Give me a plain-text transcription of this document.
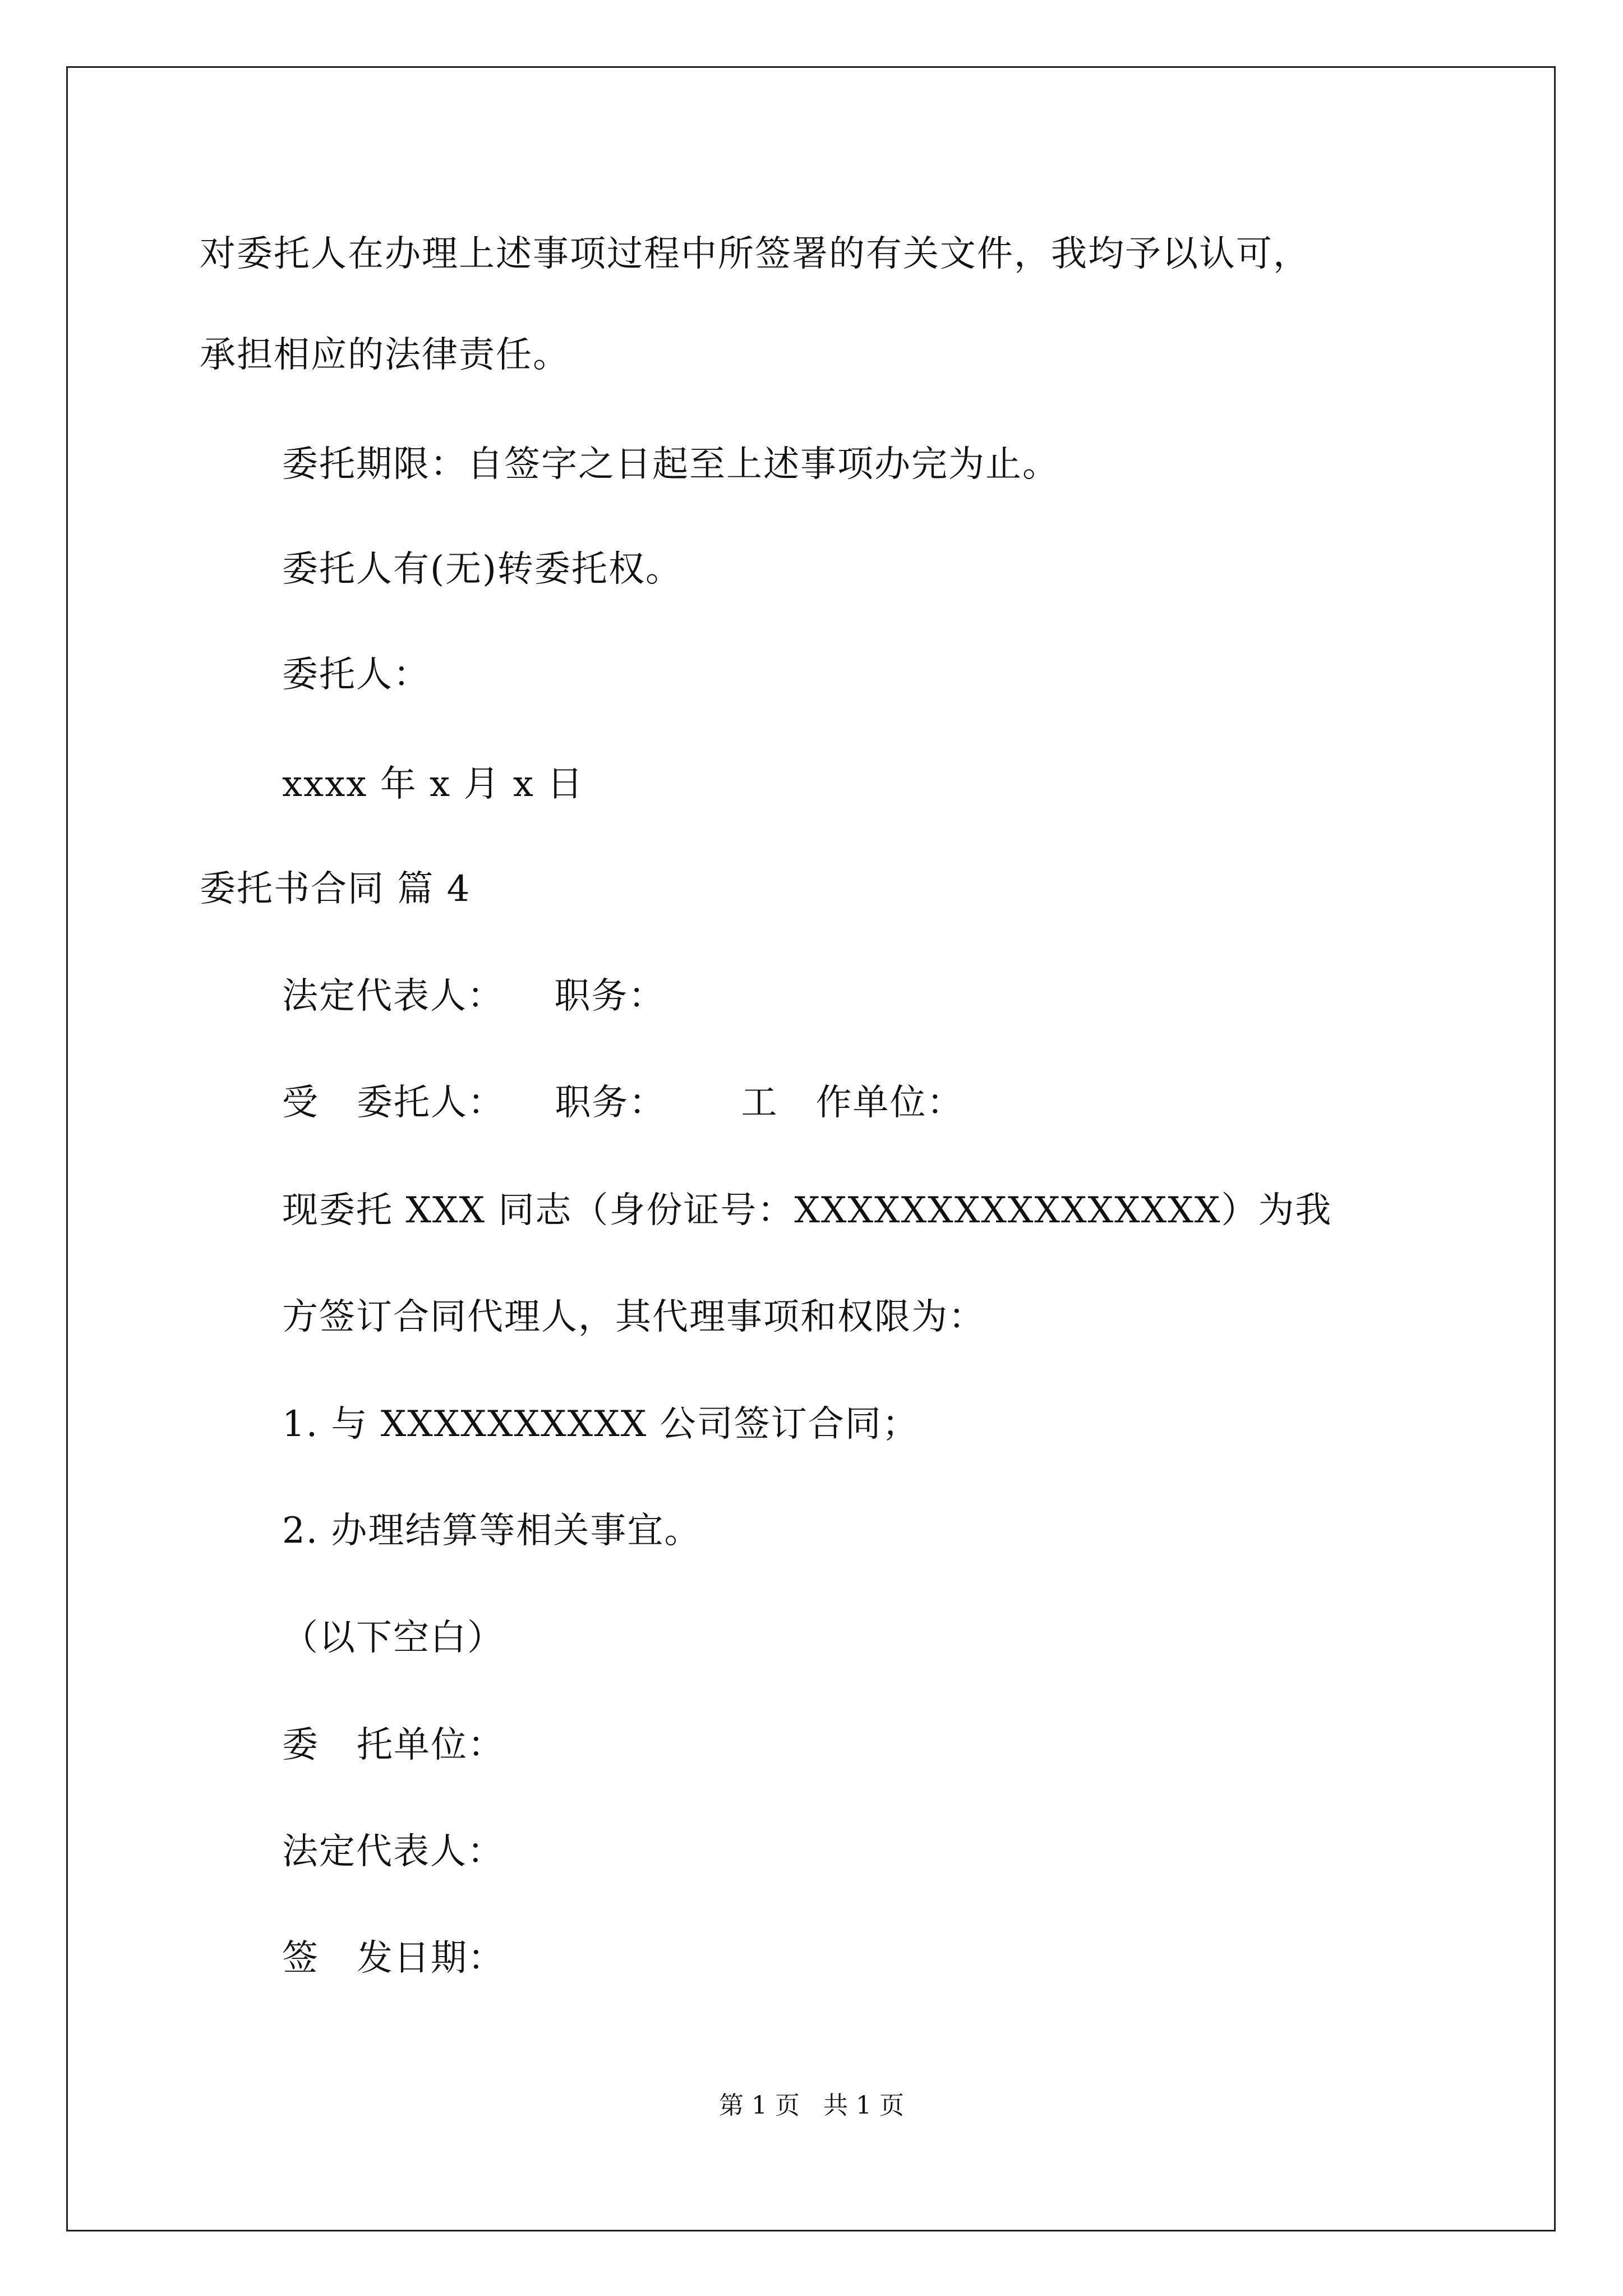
对委托人在办理上述事项过程中所签署的有关文件，我均予以认可，
承担相应的法律责任。
委托期限：自签字之日起至上述事项办完为止。
委托人有(无)转委托权。
委托人：
xxxx 年 x 月 x 日
委托书合同 篇 4
法定代表人：    职务：
受   委托人：    职务：      工   作单位：
现委托 XXX 同志（身份证号：XXXXXXXXXXXXXXXX）为我
方签订合同代理人，其代理事项和权限为：
1. 与 XXXXXXXXXX 公司签订合同；
2. 办理结算等相关事宜。
（以下空白）
委   托单位：
法定代表人：
签   发日期：
第 1 页   共 1 页
